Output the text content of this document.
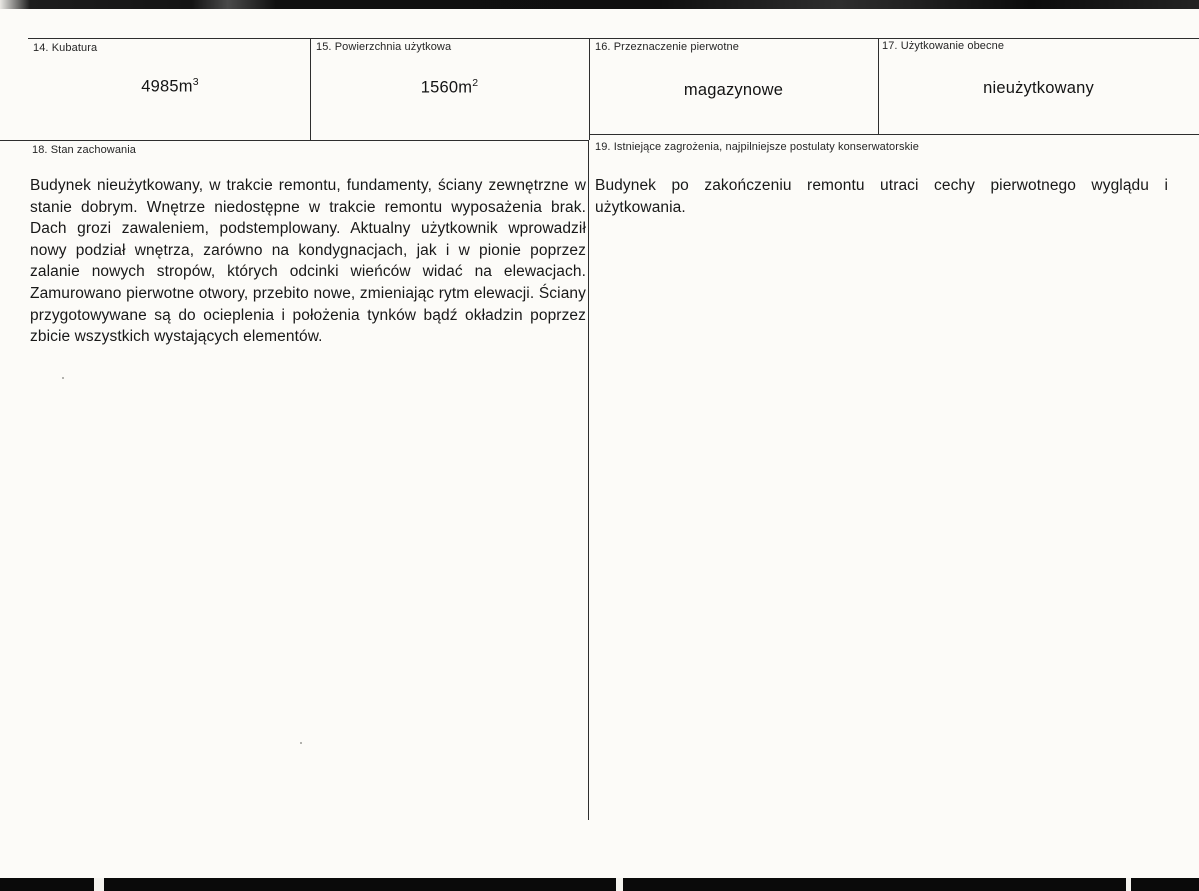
14. Kubatura
$4985m^3$
15. Powierzchnia użytkowa
$1560m^2$
16. Przeznaczenie pierwotne
magazynowe
17. Użytkowanie obecne
nieużytkowany
18. Stan zachowania
Budynek nieużytkowany, w trakcie remontu, fundamenty, ściany zewnętrzne w stanie dobrym. Wnętrze niedostępne w trakcie remontu wyposażenia brak. Dach grozi zawaleniem, podstemplowany. Aktualny użytkownik wprowadził nowy podział wnętrza, zarówno na kondygnacjach, jak i w pionie poprzez zalanie nowych stropów, których odcinki wieńców widać na elewacjach. Zamurowano pierwotne otwory, przebito nowe, zmieniając rytm elewacji. Ściany przygotowywane są do ocieplenia i położenia tynków bądź okładzin poprzez zbicie wszystkich wystających elementów.
19. Istniejące zagrożenia, najpilniejsze postulaty konserwatorskie
Budynek po zakończeniu remontu utraci cechy pierwotnego wyglądu i użytkowania.
